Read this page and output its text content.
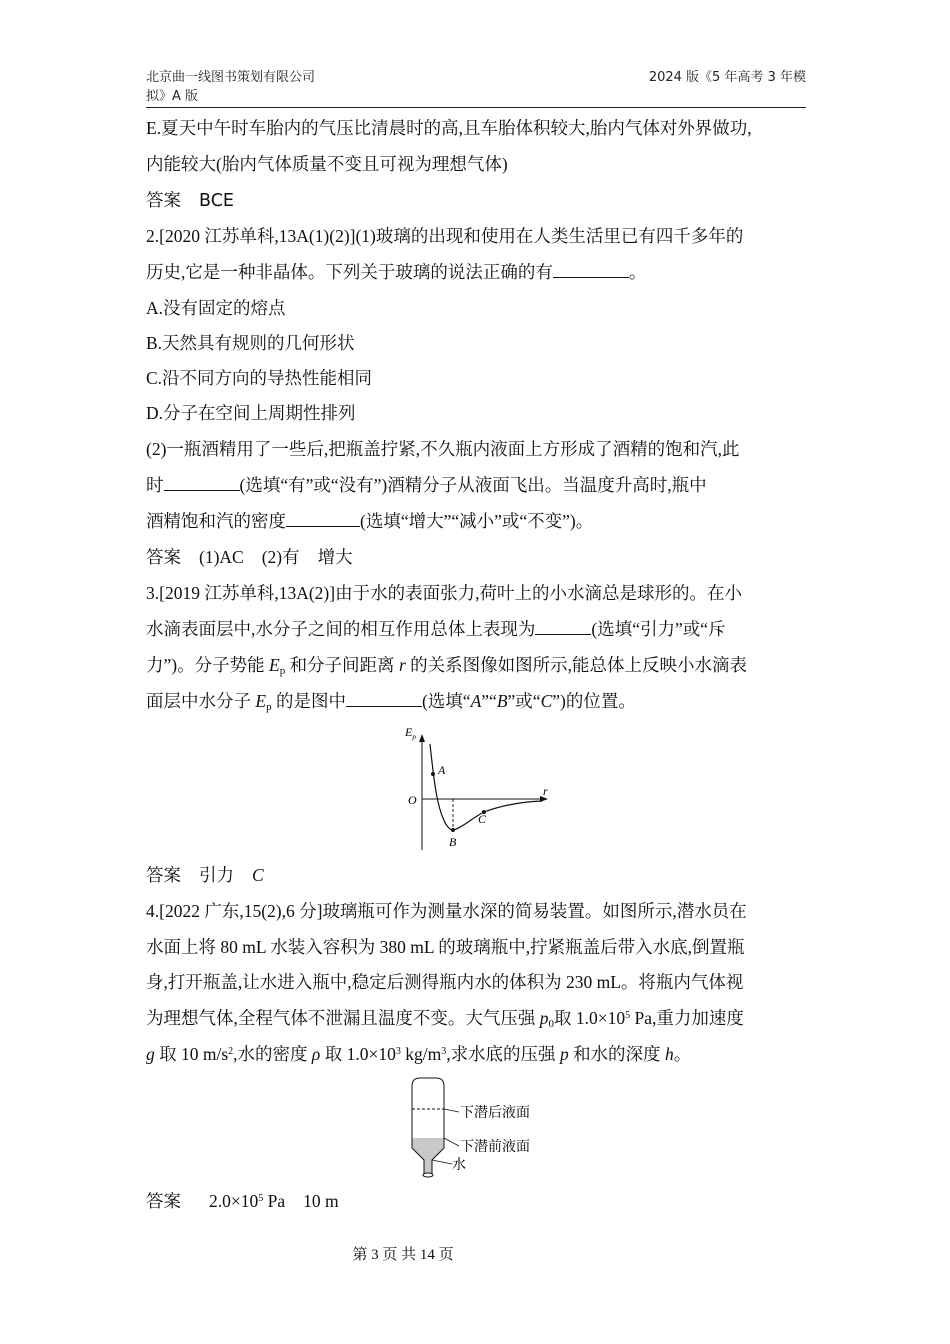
北京曲一线图书策划有限公司
拟》A 版
2024 版《5 年高考 3 年模
E.夏天中午时车胎内的气压比清晨时的高,且车胎体积较大,胎内气体对外界做功,
内能较大(胎内气体质量不变且可视为理想气体)
答案 BCE
2.[2020 江苏单科,13A(1)(2)](1)玻璃的出现和使用在人类生活里已有四千多年的
历史,它是一种非晶体。下列关于玻璃的说法正确的有	。
A.没有固定的熔点
B.天然具有规则的几何形状
C.沿不同方向的导热性能相同
D.分子在空间上周期性排列
(2)一瓶酒精用了一些后,把瓶盖拧紧,不久瓶内液面上方形成了酒精的饱和汽,此
时	(选填“有”或“没有”)酒精分子从液面飞出。当温度升高时,瓶中
酒精饱和汽的密度	(选填“增大”“减小”或“不变”)。
答案 (1)AC (2)有 增大
3.[2019 江苏单科,13A(2)]由于水的表面张力,荷叶上的小水滴总是球形的。在小
水滴表面层中,水分子之间的相互作用总体上表现为	(选填“引力”或“斥
力”)。分子势能 $E_p$ 和分子间距离 r 的关系图像如图所示,能总体上反映小水滴表
面层中水分子 $E_p$ 的是图中	(选填“A”“B”或“C”)的位置。
$E_p$
r
O
A
B
C
答案 引力 C
4.[2022 广东,15(2),6 分]玻璃瓶可作为测量水深的简易装置。如图所示,潜水员在
水面上将 80 mL 水装入容积为 380 mL 的玻璃瓶中,拧紧瓶盖后带入水底,倒置瓶
身,打开瓶盖,让水进入瓶中,稳定后测得瓶内水的体积为 230 mL。将瓶内气体视
为理想气体,全程气体不泄漏且温度不变。大气压强 $p_0$取 $1.0\times 10^5$ Pa,重力加速度
g 取 10 $m/s^2$,水的密度 ρ 取 $1.0\times 10^3$ $kg/m^3$,求水底的压强 p 和水的深度 h。
下潜后液面
下潜前液面
水
答案 $2.0\times 10^5$ Pa 10 m
第 3 页 共 14 页
